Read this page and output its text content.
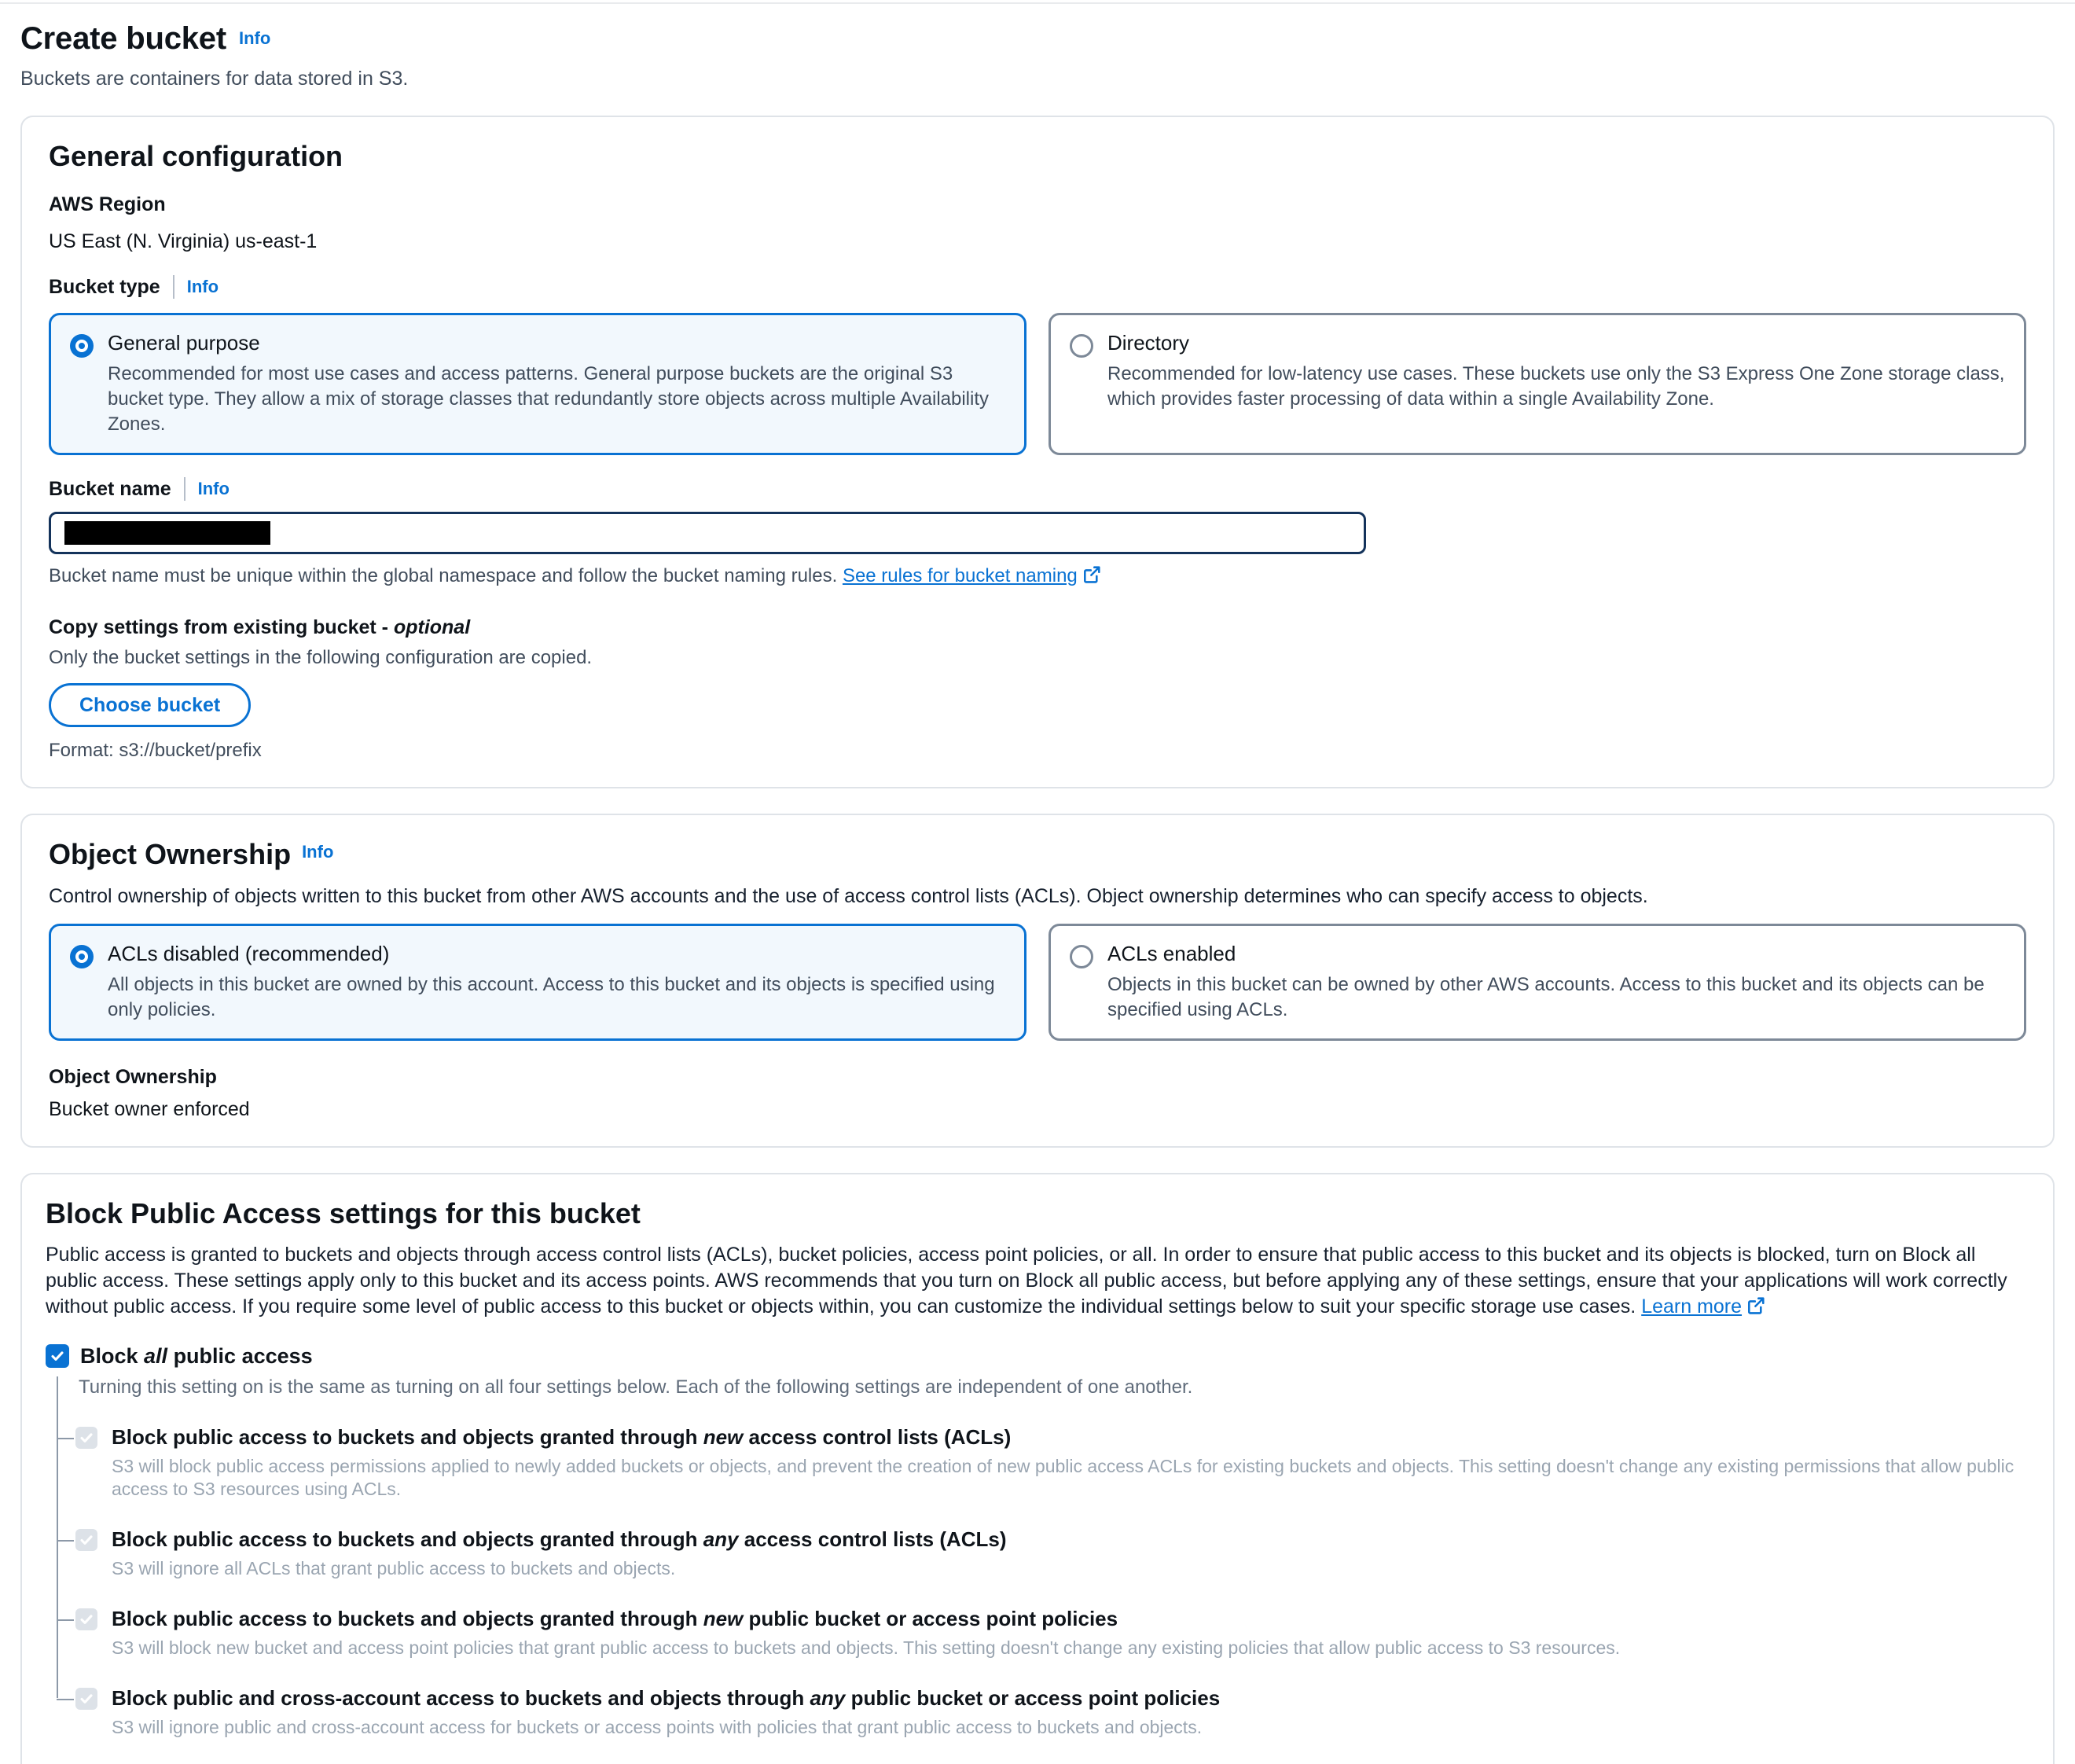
Create bucket Info
Buckets are containers for data stored in S3.
General configuration
AWS Region
US East (N. Virginia) us-east-1
Bucket type Info
General purpose
Recommended for most use cases and access patterns. General purpose buckets are the original S3 bucket type. They allow a mix of storage classes that redundantly store objects across multiple Availability Zones.
Directory
Recommended for low-latency use cases. These buckets use only the S3 Express One Zone storage class, which provides faster processing of data within a single Availability Zone.
Bucket name Info
Bucket name must be unique within the global namespace and follow the bucket naming rules. See rules for bucket naming
Copy settings from existing bucket - optional
Only the bucket settings in the following configuration are copied.
Choose bucket
Format: s3://bucket/prefix
Object Ownership Info
Control ownership of objects written to this bucket from other AWS accounts and the use of access control lists (ACLs). Object ownership determines who can specify access to objects.
ACLs disabled (recommended)
All objects in this bucket are owned by this account. Access to this bucket and its objects is specified using only policies.
ACLs enabled
Objects in this bucket can be owned by other AWS accounts. Access to this bucket and its objects can be specified using ACLs.
Object Ownership
Bucket owner enforced
Block Public Access settings for this bucket
Public access is granted to buckets and objects through access control lists (ACLs), bucket policies, access point policies, or all. In order to ensure that public access to this bucket and its objects is blocked, turn on Block all public access. These settings apply only to this bucket and its access points. AWS recommends that you turn on Block all public access, but before applying any of these settings, ensure that your applications will work correctly without public access. If you require some level of public access to this bucket or objects within, you can customize the individual settings below to suit your specific storage use cases. Learn more
Block all public access
Turning this setting on is the same as turning on all four settings below. Each of the following settings are independent of one another.
Block public access to buckets and objects granted through new access control lists (ACLs)
S3 will block public access permissions applied to newly added buckets or objects, and prevent the creation of new public access ACLs for existing buckets and objects. This setting doesn't change any existing permissions that allow public access to S3 resources using ACLs.
Block public access to buckets and objects granted through any access control lists (ACLs)
S3 will ignore all ACLs that grant public access to buckets and objects.
Block public access to buckets and objects granted through new public bucket or access point policies
S3 will block new bucket and access point policies that grant public access to buckets and objects. This setting doesn't change any existing policies that allow public access to S3 resources.
Block public and cross-account access to buckets and objects through any public bucket or access point policies
S3 will ignore public and cross-account access for buckets or access points with policies that grant public access to buckets and objects.
